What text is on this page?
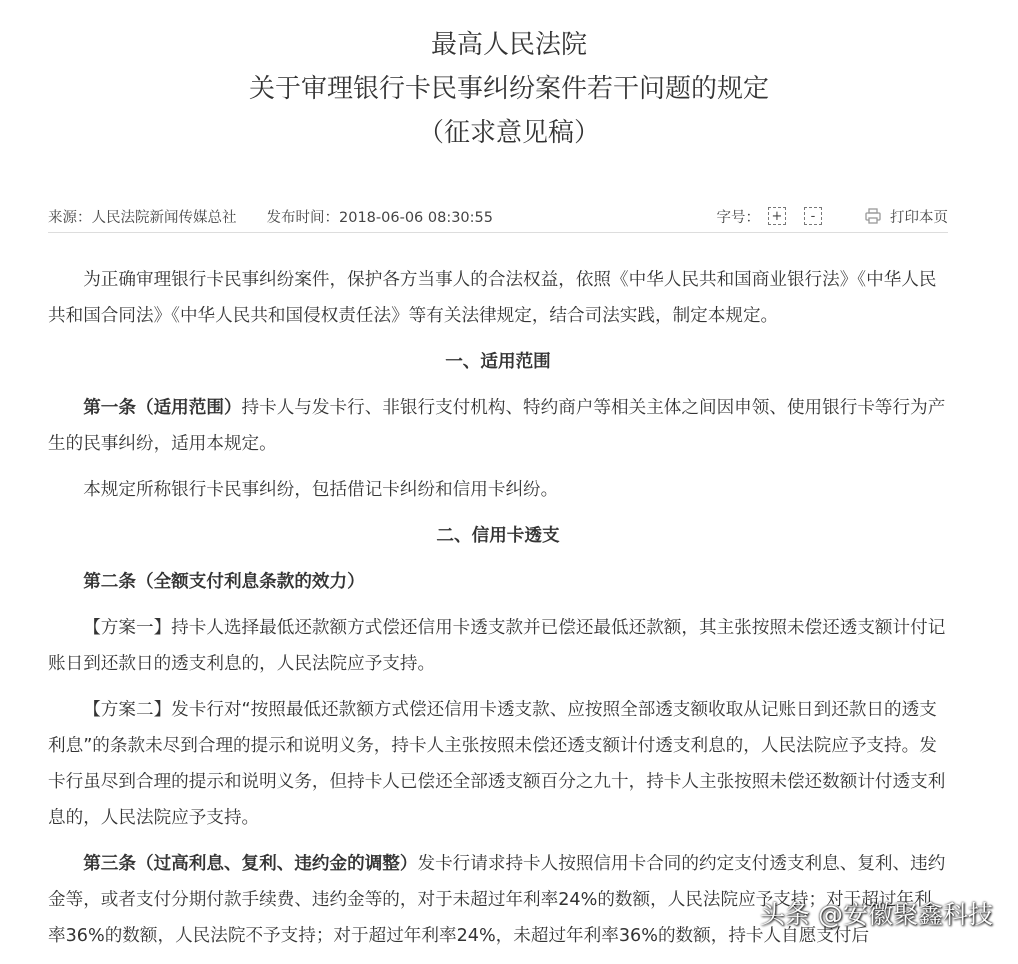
最高人民法院
关于审理银行卡民事纠纷案件若干问题的规定
（征求意见稿）
来源：人民法院新闻传媒总社 发布时间：2018-06-06 08:30:55	字号： +	-	打印本页

为正确审理银行卡民事纠纷案件，保护各方当事人的合法权益，依照《中华人民共和国商业银行法》《中华人民共和国合同法》《中华人民共和国侵权责任法》等有关法律规定，结合司法实践，制定本规定。

一、适用范围

第一条（适用范围）持卡人与发卡行、非银行支付机构、特约商户等相关主体之间因申领、使用银行卡等行为产生的民事纠纷，适用本规定。

本规定所称银行卡民事纠纷，包括借记卡纠纷和信用卡纠纷。

二、信用卡透支

第二条（全额支付利息条款的效力）

【方案一】持卡人选择最低还款额方式偿还信用卡透支款并已偿还最低还款额，其主张按照未偿还透支额计付记账日到还款日的透支利息的，人民法院应予支持。

【方案二】发卡行对“按照最低还款额方式偿还信用卡透支款、应按照全部透支额收取从记账日到还款日的透支利息”的条款未尽到合理的提示和说明义务，持卡人主张按照未偿还透支额计付透支利息的，人民法院应予支持。发卡行虽尽到合理的提示和说明义务，但持卡人已偿还全部透支额百分之九十，持卡人主张按照未偿还数额计付透支利息的，人民法院应予支持。

第三条（过高利息、复利、违约金的调整）发卡行请求持卡人按照信用卡合同的约定支付透支利息、复利、违约金等，或者支付分期付款手续费、违约金等的，对于未超过年利率24%的数额，人民法院应予支持；对于超过年利率36%的数额，人民法院不予支持；对于超过年利率24%，未超过年利率36%的数额，持卡人自愿支付后

头条 @安徽聚鑫科技
